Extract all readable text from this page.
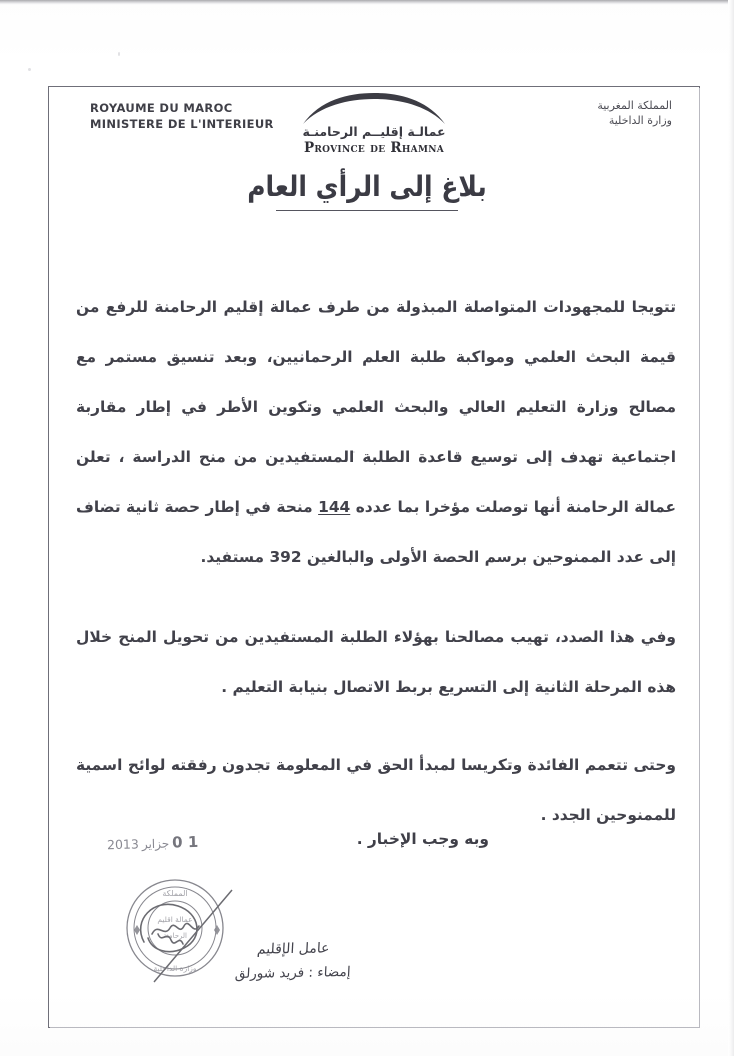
ROYAUME DU MAROC
MINISTERE DE L'INTERIEUR
المملكة المغربية
وزارة الداخلية
عمالـة إقليــم الرحامنـة
Province de Rhamna
بلاغ إلى الرأي العام

تتويجا للمجهودات المتواصلة المبذولة من طرف عمالة إقليم الرحامنة للرفع من قيمة البحث العلمي ومواكبة طلبة العلم الرحمانيين، وبعد تنسيق مستمر مع مصالح وزارة التعليم العالي والبحث العلمي وتكوين الأطر في إطار مقاربة اجتماعية تهدف إلى توسيع قاعدة الطلبة المستفيدين من منح الدراسة ، تعلن عمالة الرحامنة أنها توصلت مؤخرا بما عدده 144 منحة في إطار حصة ثانية تضاف إلى عدد الممنوحين برسم الحصة الأولى والبالغين 392 مستفيد.

وفي هذا الصدد، تهيب مصالحنا بهؤلاء الطلبة المستفيدين من تحويل المنح خلال هذه المرحلة الثانية إلى التسريع بربط الاتصال بنيابة التعليم .

وحتى تتعمم الفائدة وتكريسا لمبدأ الحق في المعلومة تجدون رفقته لوائح اسمية للممنوحين الجدد .

وبه وجب الإخبار .
1 0جزاير2013
المملكة
عمالة اقليم
الرحامنة
وزارة الداخلية
عامل الإقليم
إمضاء : فريد شورلق
